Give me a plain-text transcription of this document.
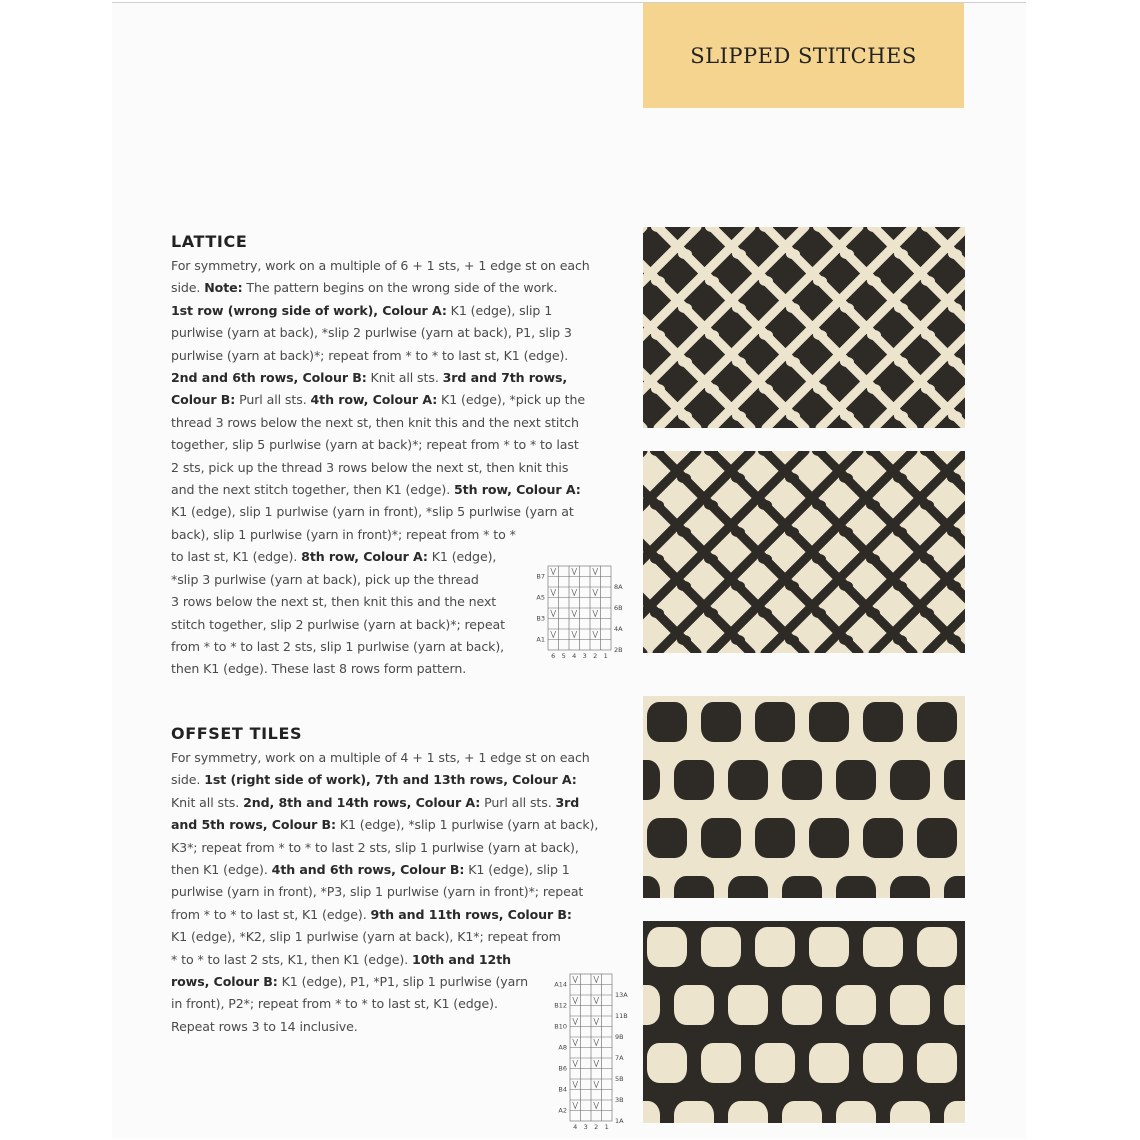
SLIPPED STITCHES
LATTICE

For symmetry, work on a multiple of 6 + 1 sts, + 1 edge st on each

side. Note: The pattern begins on the wrong side of the work.

1st row (wrong side of work), Colour A: K1 (edge), slip 1

purlwise (yarn at back), *slip 2 purlwise (yarn at back), P1, slip 3

purlwise (yarn at back)*; repeat from * to * to last st, K1 (edge).

2nd and 6th rows, Colour B: Knit all sts. 3rd and 7th rows,

Colour B: Purl all sts. 4th row, Colour A: K1 (edge), *pick up the

thread 3 rows below the next st, then knit this and the next stitch

together, slip 5 purlwise (yarn at back)*; repeat from * to * to last

2 sts, pick up the thread 3 rows below the next st, then knit this

and the next stitch together, then K1 (edge). 5th row, Colour A:

K1 (edge), slip 1 purlwise (yarn in front), *slip 5 purlwise (yarn at

back), slip 1 purlwise (yarn in front)*; repeat from * to *

to last st, K1 (edge). 8th row, Colour A: K1 (edge),

*slip 3 purlwise (yarn at back), pick up the thread

3 rows below the next st, then knit this and the next

stitch together, slip 2 purlwise (yarn at back)*; repeat

from * to * to last 2 sts, slip 1 purlwise (yarn at back),

then K1 (edge). These last 8 rows form pattern.

OFFSET TILES

For symmetry, work on a multiple of 4 + 1 sts, + 1 edge st on each

side. 1st (right side of work), 7th and 13th rows, Colour A:

Knit all sts. 2nd, 8th and 14th rows, Colour A: Purl all sts. 3rd

and 5th rows, Colour B: K1 (edge), *slip 1 purlwise (yarn at back),

K3*; repeat from * to * to last 2 sts, slip 1 purlwise (yarn at back),

then K1 (edge). 4th and 6th rows, Colour B: K1 (edge), slip 1

purlwise (yarn in front), *P3, slip 1 purlwise (yarn in front)*; repeat

from * to * to last st, K1 (edge). 9th and 11th rows, Colour B:

K1 (edge), *K2, slip 1 purlwise (yarn at back), K1*; repeat from

* to * to last 2 sts, K1, then K1 (edge). 10th and 12th

rows, Colour B: K1 (edge), P1, *P1, slip 1 purlwise (yarn

in front), P2*; repeat from * to * to last st, K1 (edge).

Repeat rows 3 to 14 inclusive.

B7
A5
B3
A1
8A
6B
4A
2B
6 5 4 3 2 1
A14
B12
B10
A8
B6
B4
A2
13A
11B
9B
7A
5B
3B
1A
4 3 2 1
